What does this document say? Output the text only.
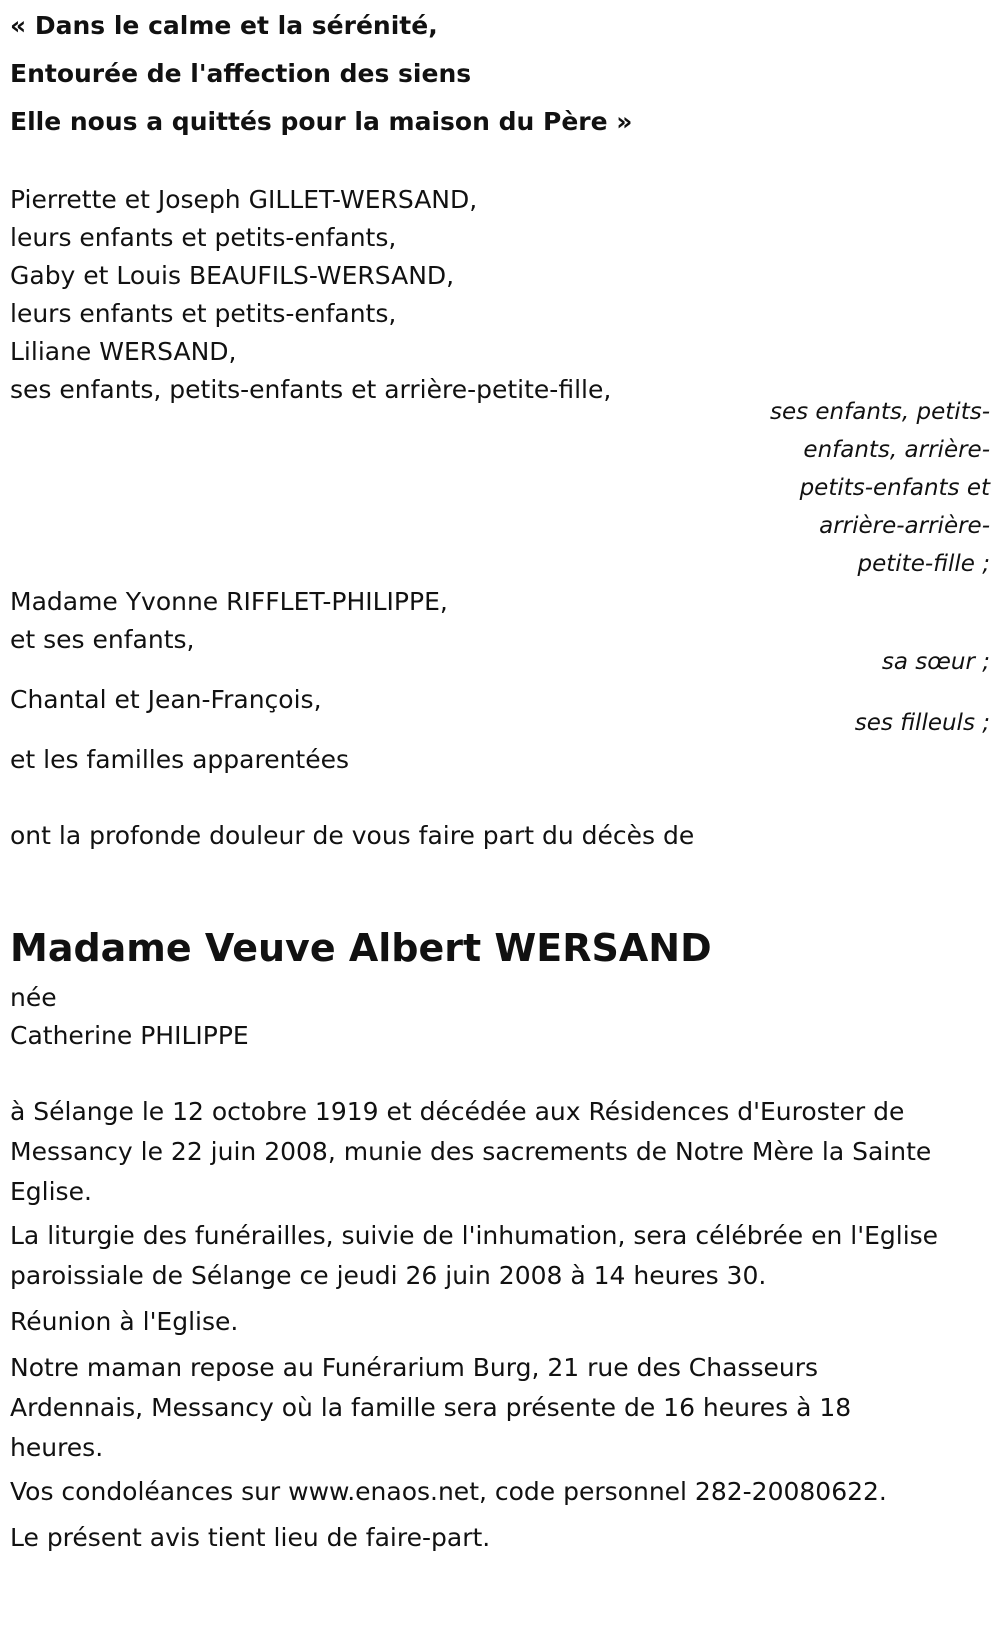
« Dans le calme et la sérénité,
Entourée de l'affection des siens
Elle nous a quittés pour la maison du Père »
Pierrette et Joseph GILLET-WERSAND,
leurs enfants et petits-enfants,
Gaby et Louis BEAUFILS-WERSAND,
leurs enfants et petits-enfants,
Liliane WERSAND,
ses enfants, petits-enfants et arrière-petite-fille,
ses enfants, petits-
enfants, arrière-
petits-enfants et
arrière-arrière-
petite-fille ;
Madame Yvonne RIFFLET-PHILIPPE,
et ses enfants,
sa sœur ;
Chantal et Jean-François,
ses filleuls ;
et les familles apparentées
ont la profonde douleur de vous faire part du décès de
Madame Veuve Albert WERSAND
née
Catherine PHILIPPE
à Sélange le 12 octobre 1919 et décédée aux Résidences d'Euroster de
Messancy le 22 juin 2008, munie des sacrements de Notre Mère la Sainte
Eglise.
La liturgie des funérailles, suivie de l'inhumation, sera célébrée en l'Eglise
paroissiale de Sélange ce jeudi 26 juin 2008 à 14 heures 30.
Réunion à l'Eglise.
Notre maman repose au Funérarium Burg, 21 rue des Chasseurs
Ardennais, Messancy où la famille sera présente de 16 heures à 18
heures.
Vos condoléances sur www.enaos.net, code personnel 282-20080622.
Le présent avis tient lieu de faire-part.
